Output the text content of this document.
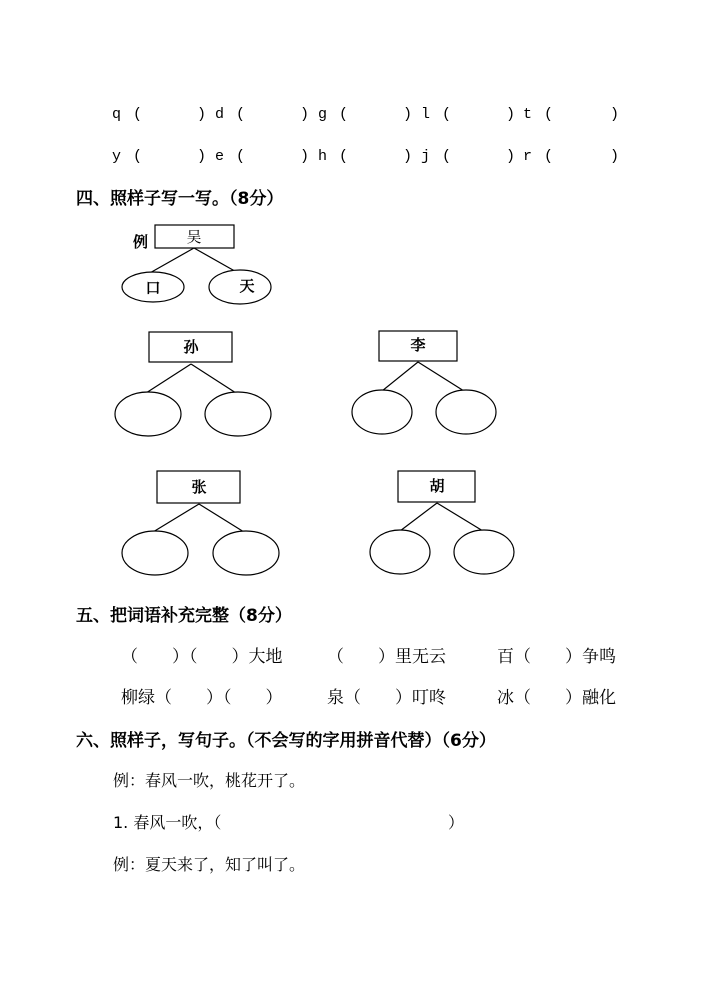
q (	) d (	) g (	) l (	) t (	)
y (	) e (	) h (	) j (	) r (	)
四、照样子写一写。（8分）
例	吴
口	天
孙	李
张	胡
五、把词语补充完整（8分）
（　　）（　　）大地	（　　）里无云	百（　　）争鸣
柳绿（　　）（　　）	泉（　　）叮咚	冰（　　）融化
六、照样子，写句子。（不会写的字用拼音代替）（6分）
例：春风一吹，桃花开了。
1. 春风一吹，（	）
例：夏天来了，知了叫了。
